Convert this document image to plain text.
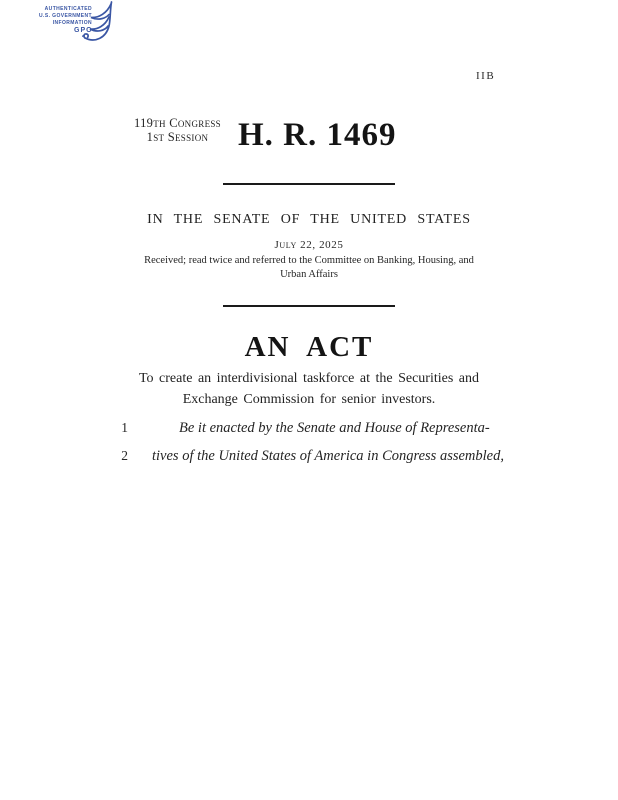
AUTHENTICATED
U.S. GOVERNMENT
INFORMATION
GPO
IIB
119th Congress
1st Session H. R. 1469
IN THE SENATE OF THE UNITED STATES
July 22, 2025
Received; read twice and referred to the Committee on Banking, Housing, and
Urban Affairs
AN ACT
To create an interdivisional taskforce at the Securities and
Exchange Commission for senior investors.
1	Be it enacted by the Senate and House of Representa-
2 tives of the United States of America in Congress assembled,
